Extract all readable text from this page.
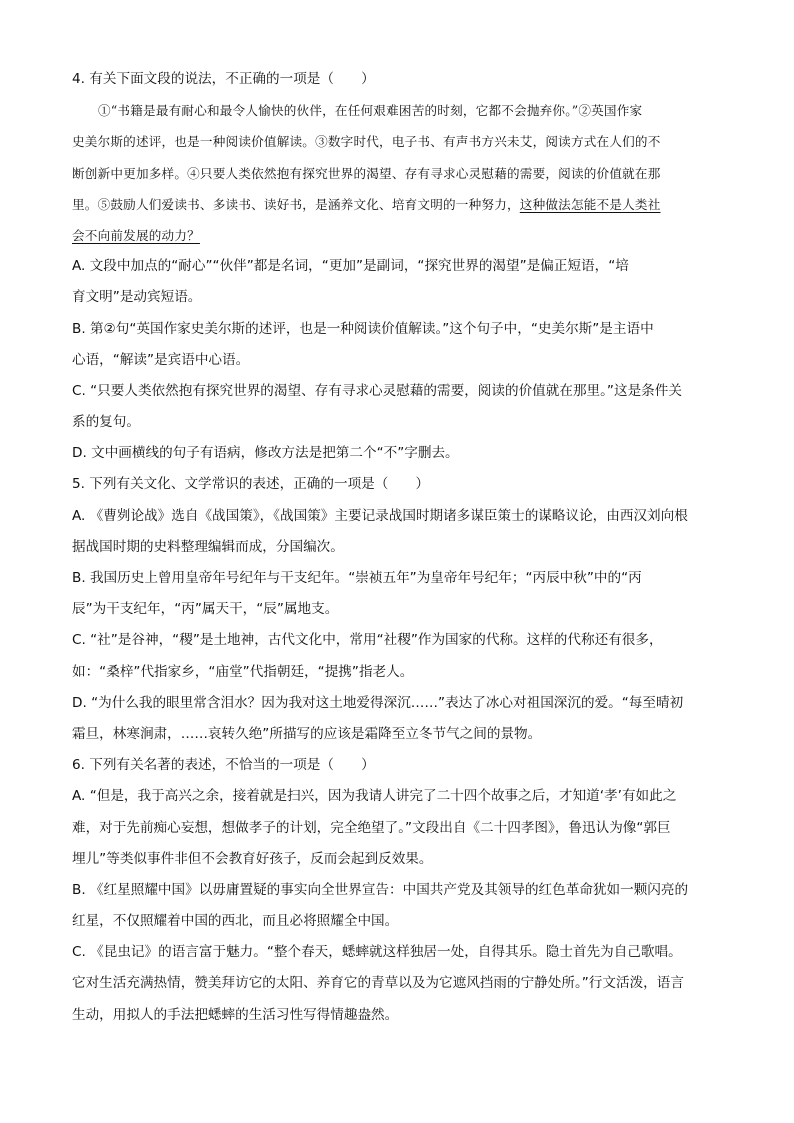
4. 有关下面文段的说法，不正确的一项是（　　）
①“书籍是最有耐心和最令人愉快的伙伴，在任何艰难困苦的时刻，它都不会抛弃你。”②英国作家
史美尔斯的述评，也是一种阅读价值解读。③数字时代，电子书、有声书方兴未艾，阅读方式在人们的不
断创新中更加多样。④只要人类依然抱有探究世界的渴望、存有寻求心灵慰藉的需要，阅读的价值就在那
里。⑤鼓励人们爱读书、多读书、读好书，是涵养文化、培育文明的一种努力，这种做法怎能不是人类社
会不向前发展的动力？
A. 文段中加点的“耐心”“伙伴”都是名词，“更加”是副词，“探究世界的渴望”是偏正短语，“培
育文明”是动宾短语。
B. 第②句“英国作家史美尔斯的述评，也是一种阅读价值解读。”这个句子中，“史美尔斯”是主语中
心语，“解读”是宾语中心语。
C. “只要人类依然抱有探究世界的渴望、存有寻求心灵慰藉的需要，阅读的价值就在那里。”这是条件关
系的复句。
D. 文中画横线的句子有语病，修改方法是把第二个“不”字删去。
5. 下列有关文化、文学常识的表述，正确的一项是（　　）
A. 《曹刿论战》选自《战国策》，《战国策》主要记录战国时期诸多谋臣策士的谋略议论，由西汉刘向根
据战国时期的史料整理编辑而成，分国编次。
B. 我国历史上曾用皇帝年号纪年与干支纪年。“崇祯五年”为皇帝年号纪年；“丙辰中秋”中的“丙
辰”为干支纪年，“丙”属天干，“辰”属地支。
C. “社”是谷神，“稷”是土地神，古代文化中，常用“社稷”作为国家的代称。这样的代称还有很多，
如：“桑梓”代指家乡，“庙堂”代指朝廷，“提携”指老人。
D. “为什么我的眼里常含泪水？因为我对这土地爱得深沉……”表达了冰心对祖国深沉的爱。“每至晴初
霜旦，林寒涧肃，……哀转久绝”所描写的应该是霜降至立冬节气之间的景物。
6. 下列有关名著的表述，不恰当的一项是（　　）
A. “但是，我于高兴之余，接着就是扫兴，因为我请人讲完了二十四个故事之后，才知道‘孝’有如此之
难，对于先前痴心妄想，想做孝子的计划，完全绝望了。”文段出自《二十四孝图》，鲁迅认为像“郭巨
埋儿”等类似事件非但不会教育好孩子，反而会起到反效果。
B. 《红星照耀中国》以毋庸置疑的事实向全世界宣告：中国共产党及其领导的红色革命犹如一颗闪亮的
红星，不仅照耀着中国的西北，而且必将照耀全中国。
C. 《昆虫记》的语言富于魅力。“整个春天，蟋蟀就这样独居一处，自得其乐。隐士首先为自己歌唱。
它对生活充满热情，赞美拜访它的太阳、养育它的青草以及为它遮风挡雨的宁静处所。”行文活泼，语言
生动，用拟人的手法把蟋蟀的生活习性写得情趣盎然。
